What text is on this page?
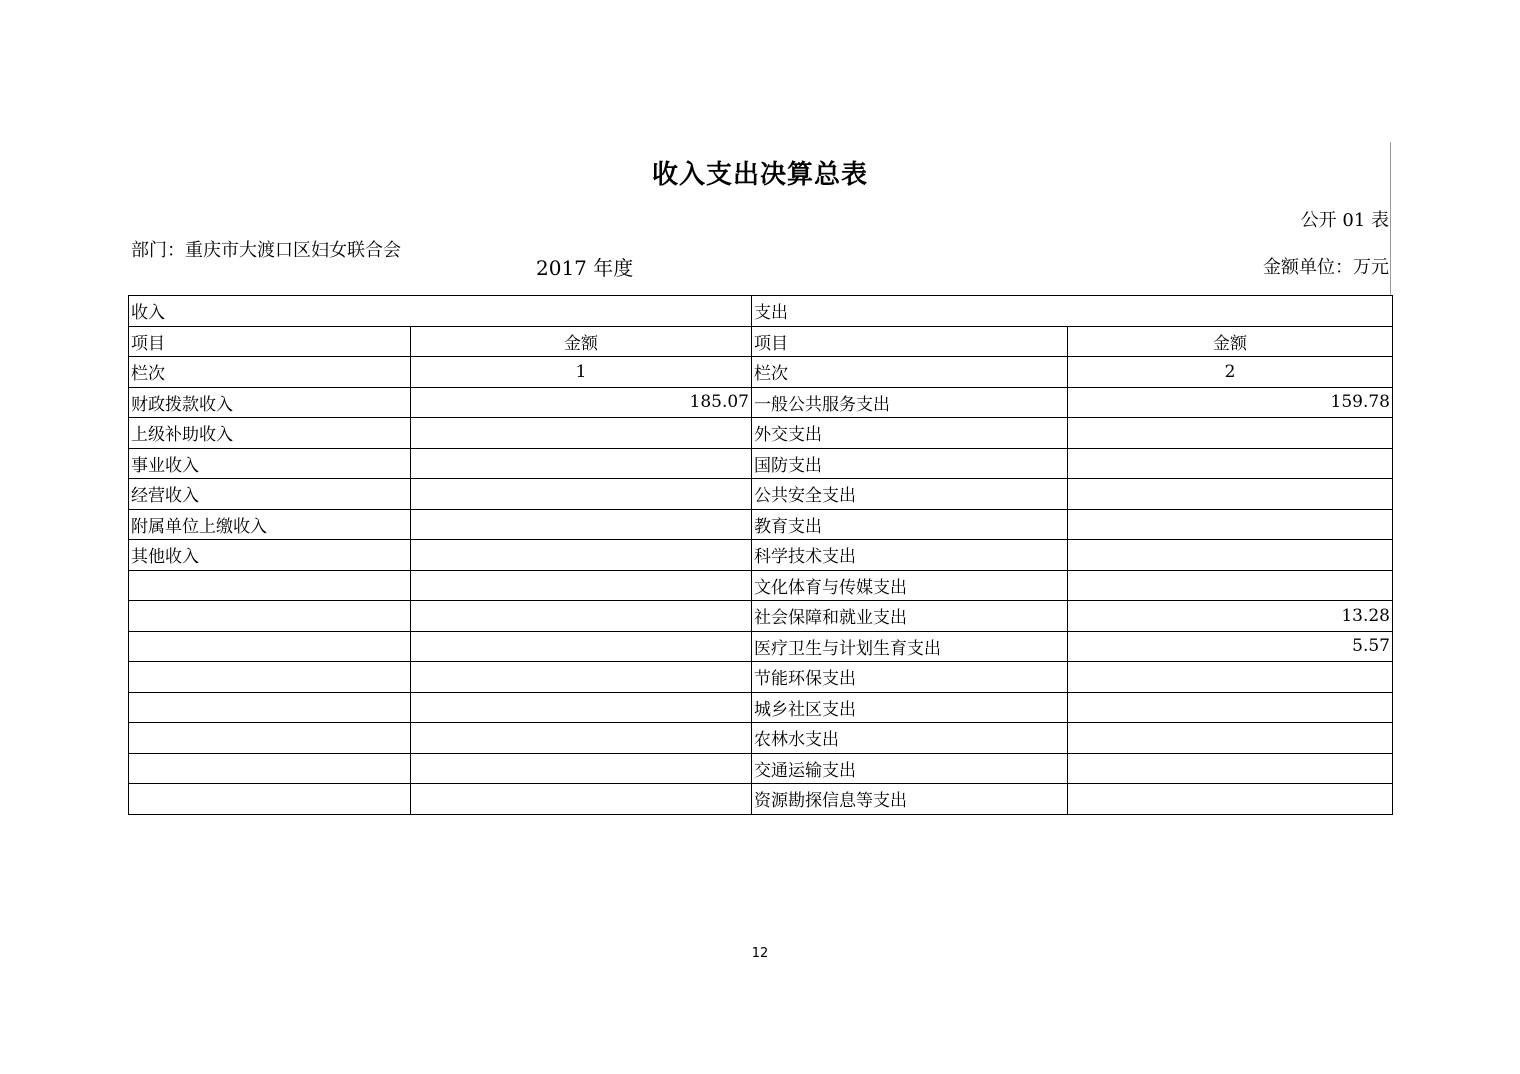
收入支出决算总表
公开 01 表
部门：重庆市大渡口区妇女联合会
2017 年度	金额单位：万元
收入		支出	
项目	金额	项目	金额
栏次	1	栏次	2
财政拨款收入	185.07	一般公共服务支出	159.78
上级补助收入		外交支出	
事业收入		国防支出	
经营收入		公共安全支出	
附属单位上缴收入		教育支出	
其他收入		科学技术支出	
		文化体育与传媒支出	
		社会保障和就业支出	13.28
		医疗卫生与计划生育支出	5.57
		节能环保支出	
		城乡社区支出	
		农林水支出	
		交通运输支出	
		资源勘探信息等支出	
12
